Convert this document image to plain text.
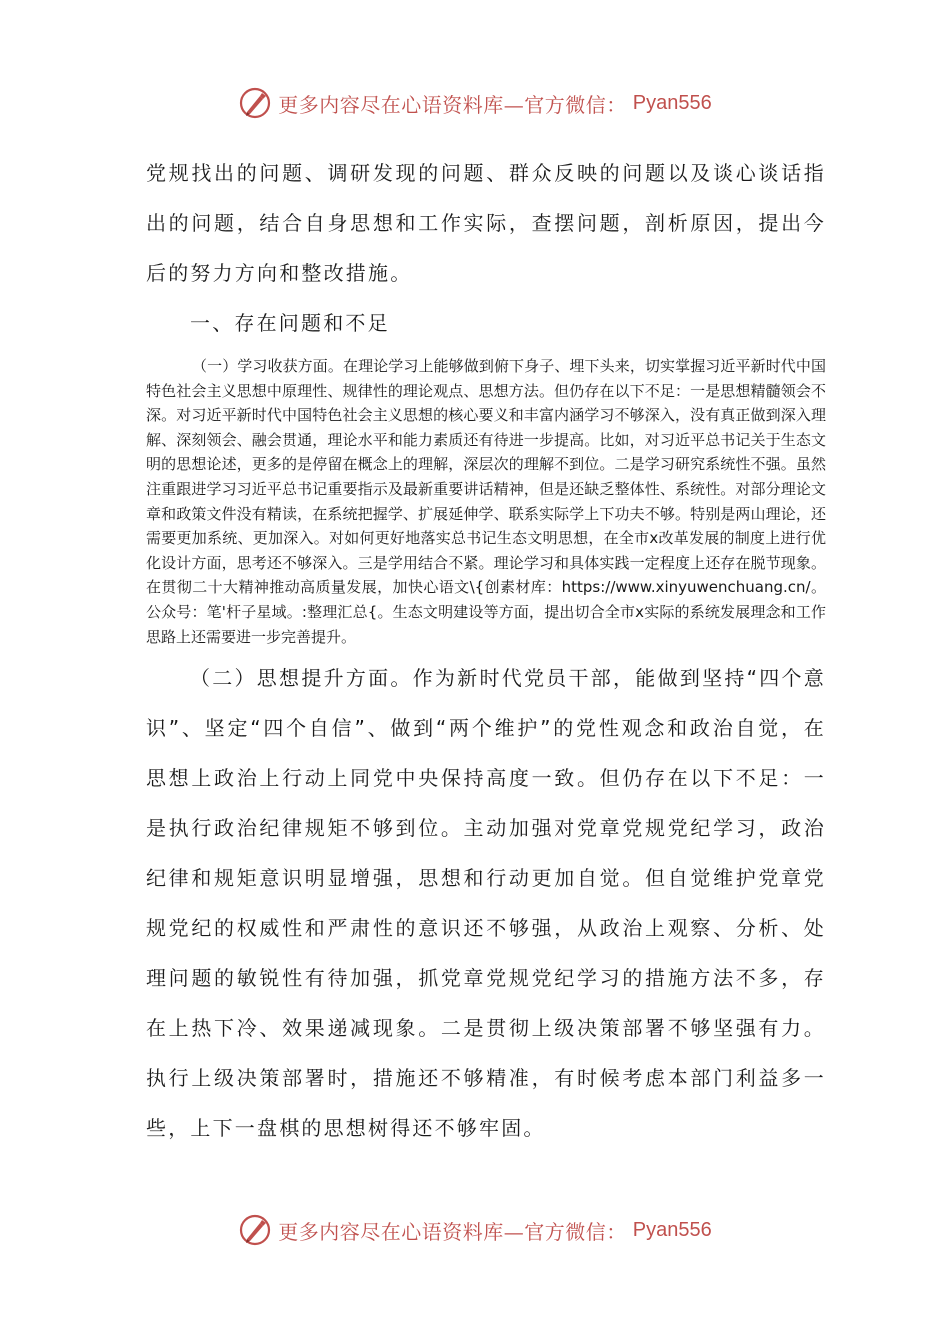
更多内容尽在心语资料库—官方微信： Pyan556

党规找出的问题、调研发现的问题、群众反映的问题以及谈心谈话指出的问题，结合自身思想和工作实际，查摆问题，剖析原因，提出今后的努力方向和整改措施。

一、存在问题和不足

（一）学习收获方面。在理论学习上能够做到俯下身子、埋下头来，切实掌握习近平新时代中国特色社会主义思想中原理性、规律性的理论观点、思想方法。但仍存在以下不足：一是思想精髓领会不深。对习近平新时代中国特色社会主义思想的核心要义和丰富内涵学习不够深入，没有真正做到深入理解、深刻领会、融会贯通，理论水平和能力素质还有待进一步提高。比如，对习近平总书记关于生态文明的思想论述，更多的是停留在概念上的理解，深层次的理解不到位。二是学习研究系统性不强。虽然注重跟进学习习近平总书记重要指示及最新重要讲话精神，但是还缺乏整体性、系统性。对部分理论文章和政策文件没有精读，在系统把握学、扩展延伸学、联系实际学上下功夫不够。特别是两山理论，还需要更加系统、更加深入。对如何更好地落实总书记生态文明思想，在全市x改革发展的制度上进行优化设计方面，思考还不够深入。三是学用结合不紧。理论学习和具体实践一定程度上还存在脱节现象。在贯彻二十大精神推动高质量发展，加快心语文\{创素材库：https://www.xinyuwenchuang.cn/。公众号：笔'杆子星域。:整理汇总{。生态文明建设等方面，提出切合全市x实际的系统发展理念和工作思路上还需要进一步完善提升。

（二）思想提升方面。作为新时代党员干部，能做到坚持“四个意识”、坚定“四个自信”、做到“两个维护”的党性观念和政治自觉，在思想上政治上行动上同党中央保持高度一致。但仍存在以下不足：一是执行政治纪律规矩不够到位。主动加强对党章党规党纪学习，政治纪律和规矩意识明显增强，思想和行动更加自觉。但自觉维护党章党规党纪的权威性和严肃性的意识还不够强，从政治上观察、分析、处理问题的敏锐性有待加强，抓党章党规党纪学习的措施方法不多，存在上热下冷、效果递减现象。二是贯彻上级决策部署不够坚强有力。执行上级决策部署时，措施还不够精准，有时候考虑本部门利益多一些，上下一盘棋的思想树得还不够牢固。

更多内容尽在心语资料库—官方微信： Pyan556
